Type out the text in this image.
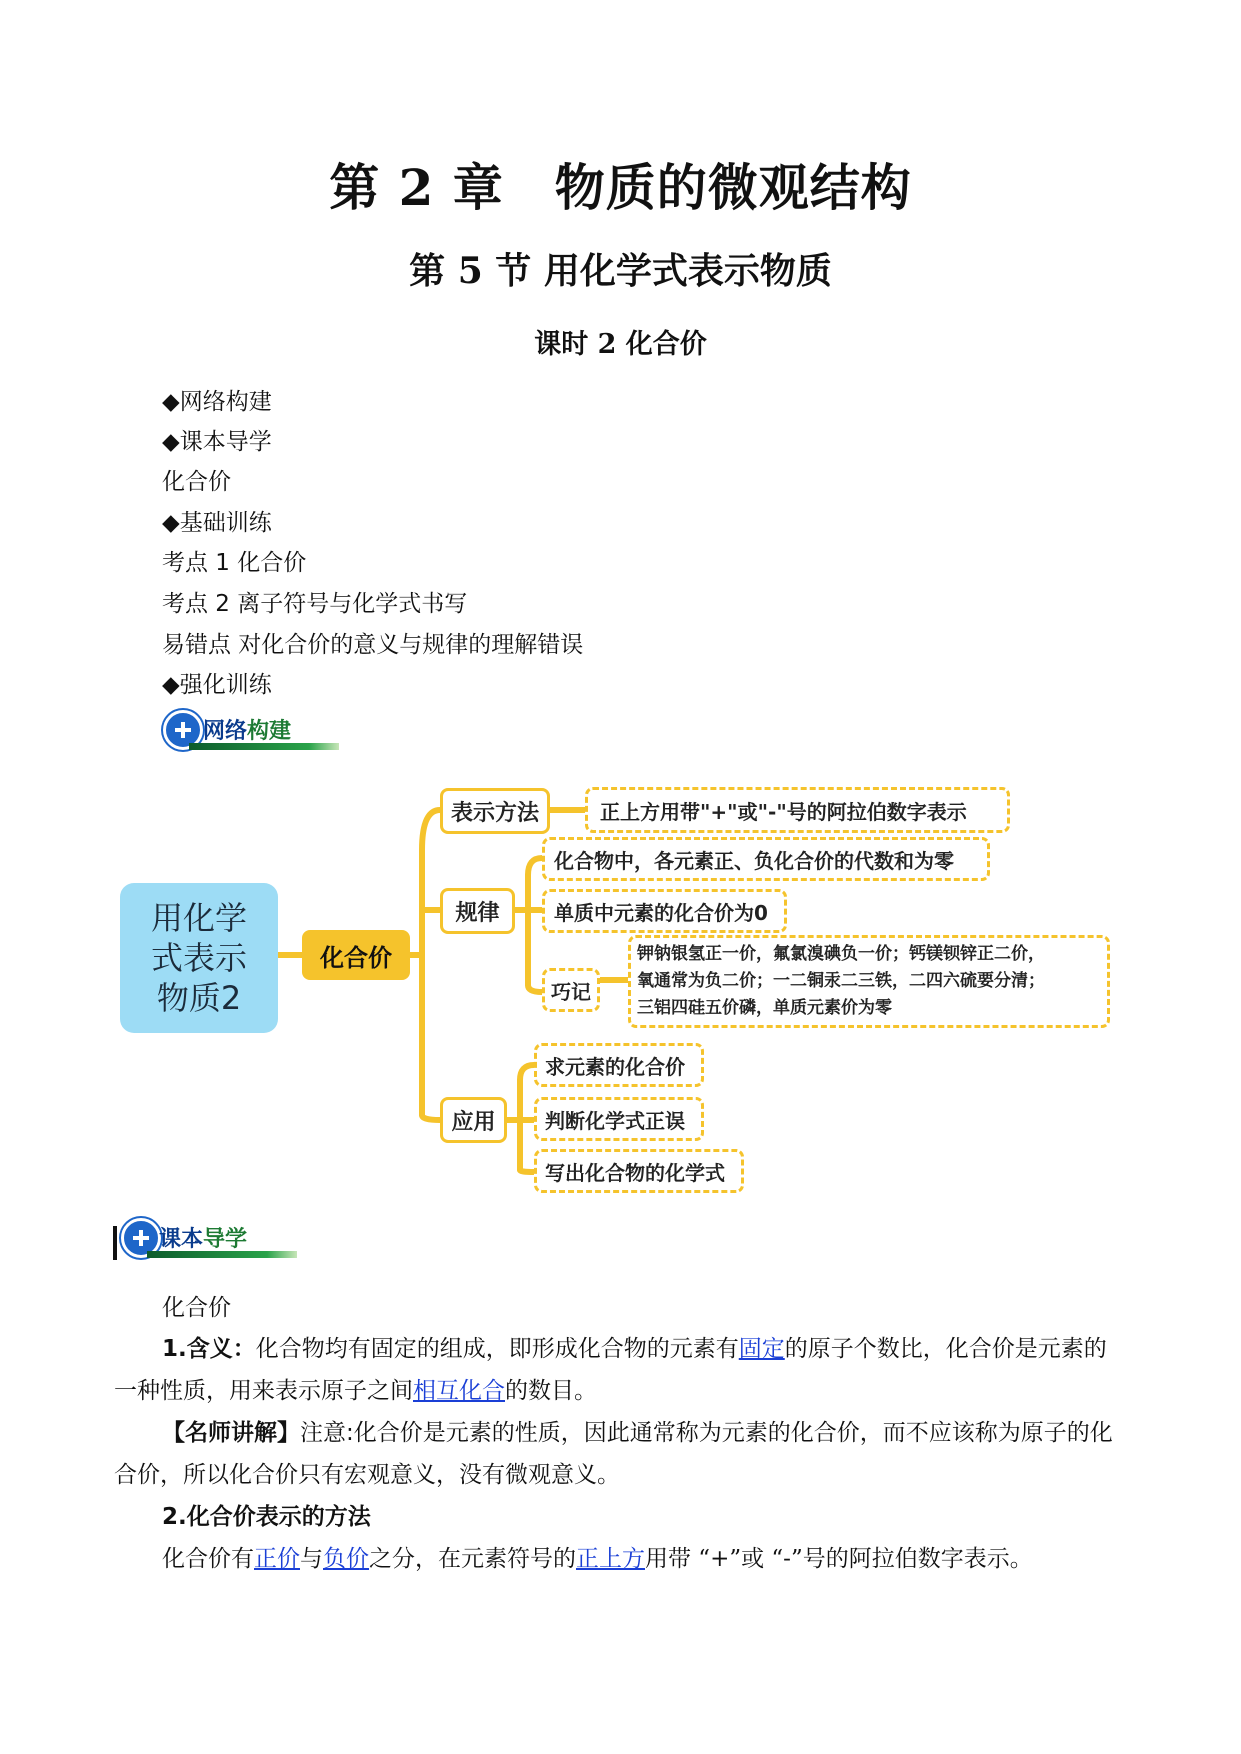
第 2 章　物质的微观结构
第 5 节 用化学式表示物质
课时 2 化合价
◆网络构建
◆课本导学
化合价
◆基础训练
考点 1 化合价
考点 2 离子符号与化学式书写
易错点 对化合价的意义与规律的理解错误
◆强化训练
网络构建
用化学
式表示
物质2
化合价
表示方法	正上方用带"+"或"-"号的阿拉伯数字表示
规律
化合物中，各元素正、负化合价的代数和为零
单质中元素的化合价为0
巧记
钾钠银氢正一价，氟氯溴碘负一价；钙镁钡锌正二价，
氧通常为负二价；一二铜汞二三铁，二四六硫要分清；
三铝四硅五价磷，单质元素价为零
应用
求元素的化合价
判断化学式正误
写出化合物的化学式
课本导学
化合价
1.含义：化合物均有固定的组成，即形成化合物的元素有固定的原子个数比，化合价是元素的一种性质，用来表示原子之间相互化合的数目。
【名师讲解】注意:化合价是元素的性质，因此通常称为元素的化合价，而不应该称为原子的化合价，所以化合价只有宏观意义，没有微观意义。
2.化合价表示的方法
化合价有正价与负价之分，在元素符号的正上方用带 “+”或 “-”号的阿拉伯数字表示。
